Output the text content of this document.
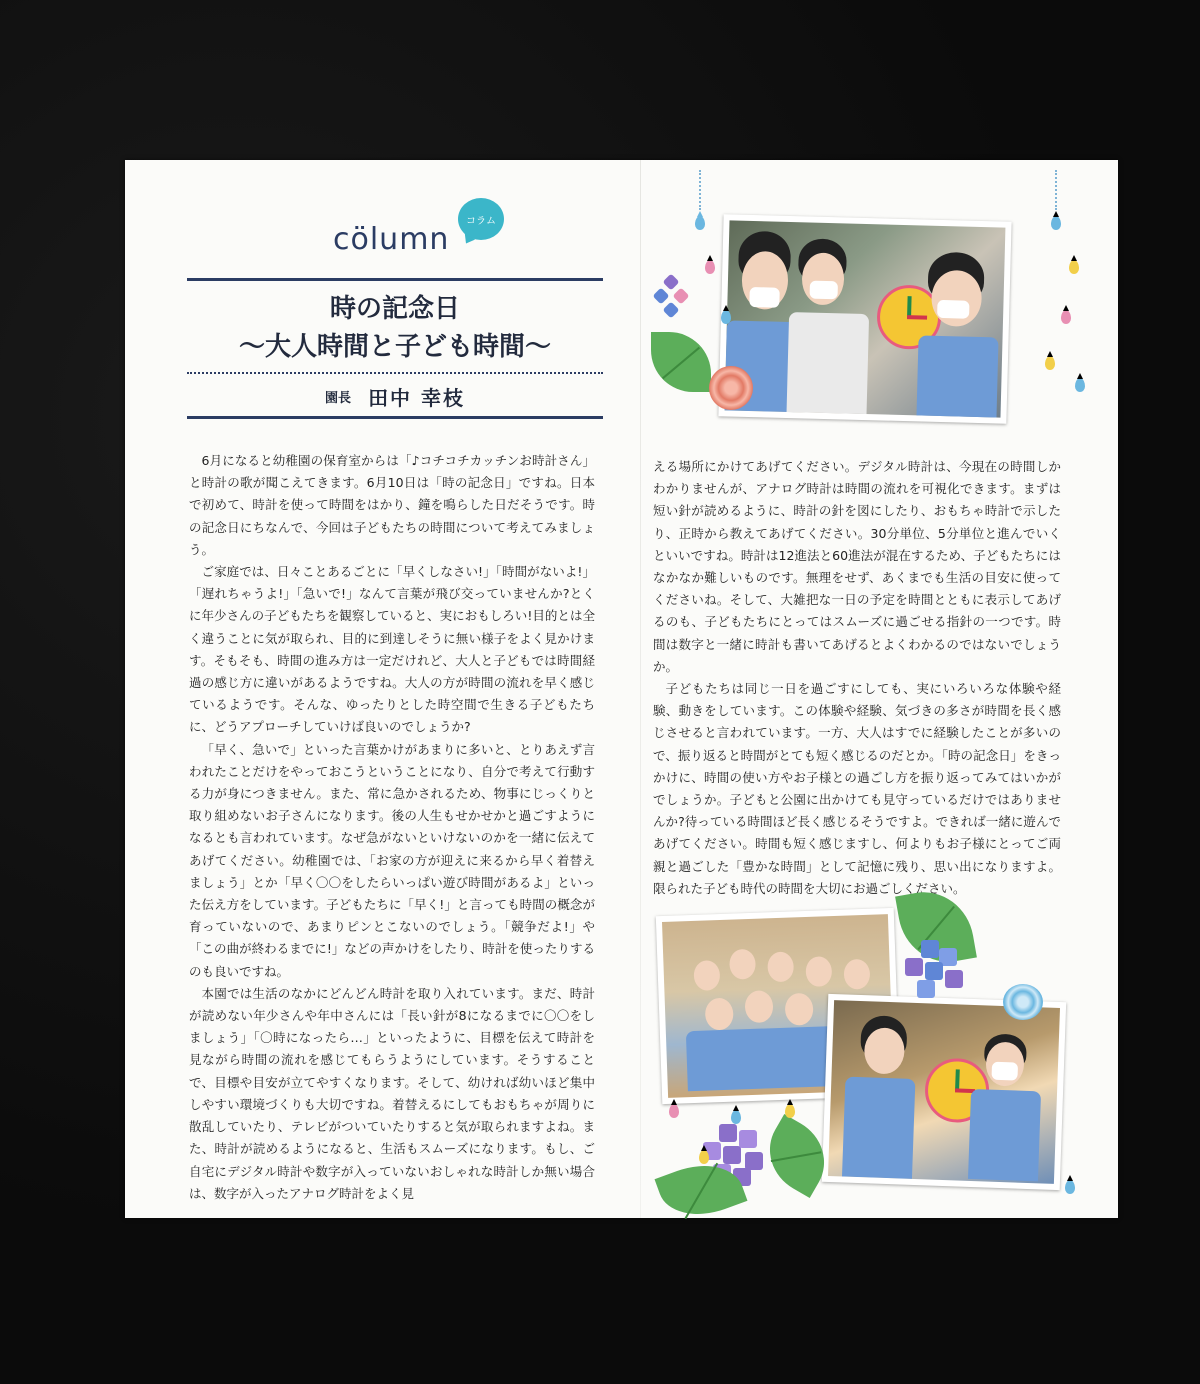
cölumn
コラム
時の記念日
〜大人時間と子ども時間〜
園長 田中 幸枝

6月になると幼稚園の保育室からは「♪コチコチカッチンお時計さん」と時計の歌が聞こえてきます。6月10日は「時の記念日」ですね。日本で初めて、時計を使って時間をはかり、鐘を鳴らした日だそうです。時の記念日にちなんで、今回は子どもたちの時間について考えてみましょう。

ご家庭では、日々ことあるごとに「早くしなさい!」「時間がないよ!」「遅れちゃうよ!」「急いで!」なんて言葉が飛び交っていませんか?とくに年少さんの子どもたちを観察していると、実におもしろい!目的とは全く違うことに気が取られ、目的に到達しそうに無い様子をよく見かけます。そもそも、時間の進み方は一定だけれど、大人と子どもでは時間経過の感じ方に違いがあるようですね。大人の方が時間の流れを早く感じているようです。そんな、ゆったりとした時空間で生きる子どもたちに、どうアプローチしていけば良いのでしょうか?

「早く、急いで」といった言葉かけがあまりに多いと、とりあえず言われたことだけをやっておこうということになり、自分で考えて行動する力が身につきません。また、常に急かされるため、物事にじっくりと取り組めないお子さんになります。後の人生もせかせかと過ごすようになるとも言われています。なぜ急がないといけないのかを一緒に伝えてあげてください。幼稚園では、「お家の方が迎えに来るから早く着替えましょう」とか「早く〇〇をしたらいっぱい遊び時間があるよ」といった伝え方をしています。子どもたちに「早く!」と言っても時間の概念が育っていないので、あまりピンとこないのでしょう。「競争だよ!」や「この曲が終わるまでに!」などの声かけをしたり、時計を使ったりするのも良いですね。

本園では生活のなかにどんどん時計を取り入れています。まだ、時計が読めない年少さんや年中さんには「長い針が8になるまでに〇〇をしましょう」「〇時になったら…」といったように、目標を伝えて時計を見ながら時間の流れを感じてもらうようにしています。そうすることで、目標や目安が立てやすくなります。そして、幼ければ幼いほど集中しやすい環境づくりも大切ですね。着替えるにしてもおもちゃが周りに散乱していたり、テレビがついていたりすると気が取られますよね。また、時計が読めるようになると、生活もスムーズになります。もし、ご自宅にデジタル時計や数字が入っていないおしゃれな時計しか無い場合は、数字が入ったアナログ時計をよく見

える場所にかけてあげてください。デジタル時計は、今現在の時間しかわかりませんが、アナログ時計は時間の流れを可視化できます。まずは短い針が読めるように、時計の針を図にしたり、おもちゃ時計で示したり、正時から教えてあげてください。30分単位、5分単位と進んでいくといいですね。時計は12進法と60進法が混在するため、子どもたちにはなかなか難しいものです。無理をせず、あくまでも生活の目安に使ってくださいね。そして、大雑把な一日の予定を時間とともに表示してあげるのも、子どもたちにとってはスムーズに過ごせる指針の一つです。時間は数字と一緒に時計も書いてあげるとよくわかるのではないでしょうか。

子どもたちは同じ一日を過ごすにしても、実にいろいろな体験や経験、動きをしています。この体験や経験、気づきの多さが時間を長く感じさせると言われています。一方、大人はすでに経験したことが多いので、振り返ると時間がとても短く感じるのだとか。「時の記念日」をきっかけに、時間の使い方やお子様との過ごし方を振り返ってみてはいかがでしょうか。子どもと公園に出かけても見守っているだけではありませんか?待っている時間ほど長く感じるそうですよ。できれば一緒に遊んであげてください。時間も短く感じますし、何よりもお子様にとってご両親と過ごした「豊かな時間」として記憶に残り、思い出になりますよ。限られた子ども時代の時間を大切にお過ごしください。
